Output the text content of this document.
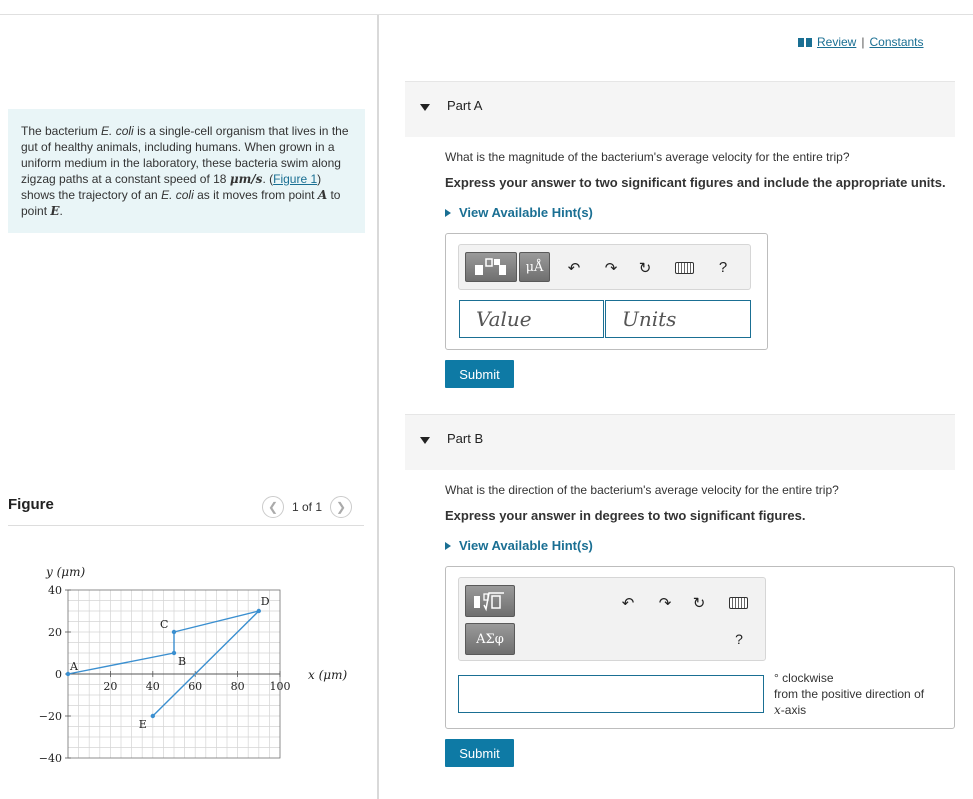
The bacterium E. coli is a single-cell organism that lives in the gut of healthy animals, including humans. When grown in a uniform medium in the laboratory, these bacteria swim along zigzag paths at a constant speed of 18 μm/s. (Figure 1) shows the trajectory of an E. coli as it moves from point A to point E.
Figure	❮	1 of 1	❯
20	40	60	80 100
40
20
0
−20
−40
y (μm)
x (μm)
A	B
C
D
E
Review | Constants
Part A
What is the magnitude of the bacterium's average velocity for the entire trip?
Express your answer to two significant figures and include the appropriate units.
View Available Hint(s)
μÅ	↶ ↷ ↻	?
Value	Units
Submit
Part B
What is the direction of the bacterium's average velocity for the entire trip?
Express your answer in degrees to two significant figures.
View Available Hint(s)
ΑΣφ
↶ ↷ ↻
?
° clockwise
from the positive direction of
x-axis
Submit
